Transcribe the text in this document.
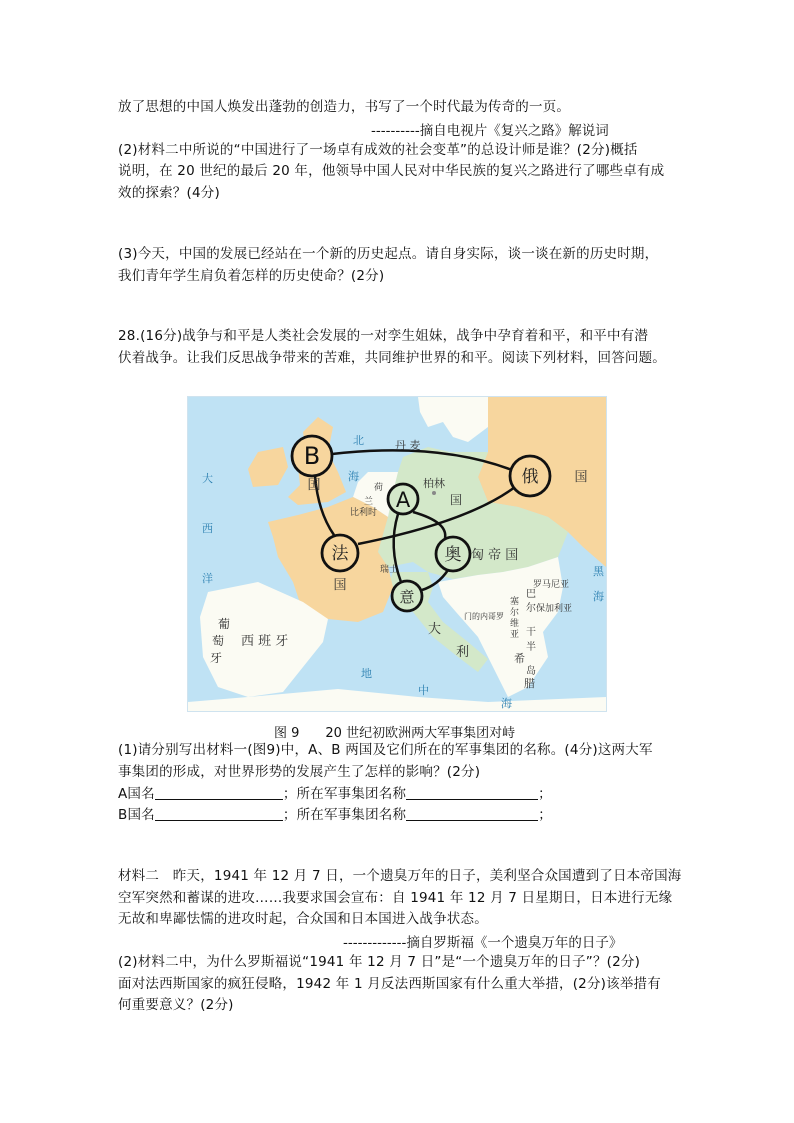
放了思想的中国人焕发出蓬勃的创造力，书写了一个时代最为传奇的一页。
----------摘自电视片《复兴之路》解说词
(2)材料二中所说的“中国进行了一场卓有成效的社会变革”的总设计师是谁？(2分)概括
说明，在 20 世纪的最后 20 年，他领导中国人民对中华民族的复兴之路进行了哪些卓有成
效的探索？(4分)
(3)今天，中国的发展已经站在一个新的历史起点。请自身实际，谈一谈在新的历史时期，
我们青年学生肩负着怎样的历史使命？(2分)
28.(16分)战争与和平是人类社会发展的一对孪生姐妹，战争中孕育着和平，和平中有潜
伏着战争。让我们反思战争带来的苦难，共同维护世界的和平。阅读下列材料，回答问题。
B
俄
A
法	奥
意
国
国
国
国
匈 帝 国
丹 麦
柏林
荷
兰
比利时
瑞士
大
利
罗马尼亚
保加利亚
门的内哥罗
塞
尔
维
亚
巴
尔
干
半
岛
希
腊
葡
萄
牙
西 班 牙
大
西
洋
北
海
地
中
海
黑
海
图 9　　20 世纪初欧洲两大军事集团对峙
(1)请分别写出材料一(图9)中，A、B 两国及它们所在的军事集团的名称。(4分)这两大军
事集团的形成，对世界形势的发展产生了怎样的影响？(2分)
A国名	；所在军事集团名称	；
B国名	；所在军事集团名称	；
材料二　昨天，1941 年 12 月 7 日，一个遗臭万年的日子，美利坚合众国遭到了日本帝国海
空军突然和蓄谋的进攻……我要求国会宣布：自 1941 年 12 月 7 日星期日，日本进行无缘
无故和卑鄙怯懦的进攻时起，合众国和日本国进入战争状态。
-------------摘自罗斯福《一个遗臭万年的日子》
(2)材料二中，为什么罗斯福说“1941 年 12 月 7 日”是“一个遗臭万年的日子”？(2分)
面对法西斯国家的疯狂侵略，1942 年 1 月反法西斯国家有什么重大举措，(2分)该举措有
何重要意义？(2分)
